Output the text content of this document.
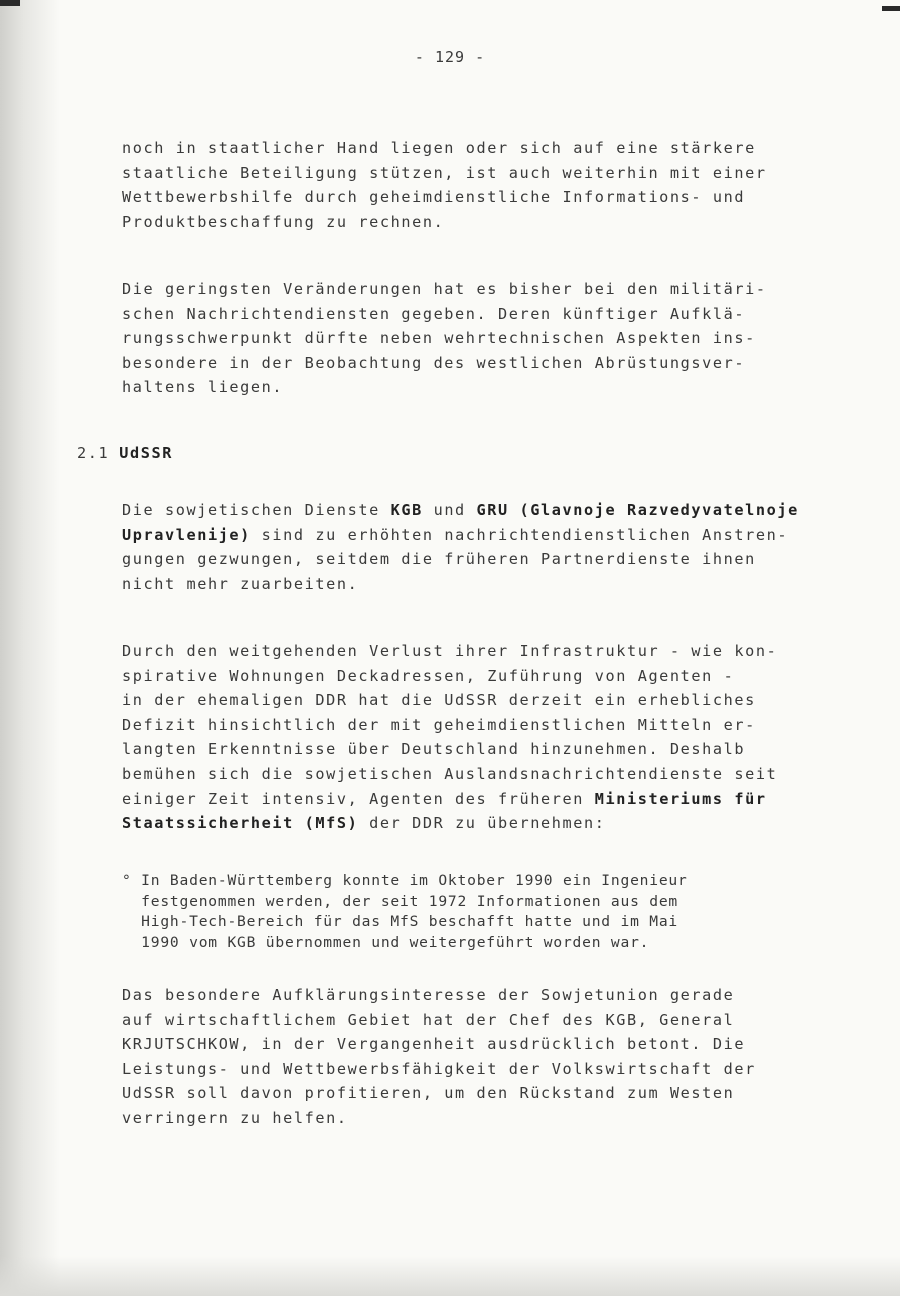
- 129 -
noch in staatlicher Hand liegen oder sich auf eine stärkere
staatliche Beteiligung stützen, ist auch weiterhin mit einer
Wettbewerbshilfe durch geheimdienstliche Informations- und
Produktbeschaffung zu rechnen.
Die geringsten Veränderungen hat es bisher bei den militäri-
schen Nachrichtendiensten gegeben. Deren künftiger Aufklä-
rungsschwerpunkt dürfte neben wehrtechnischen Aspekten ins-
besondere in der Beobachtung des westlichen Abrüstungsver-
haltens liegen.
2.1 UdSSR
Die sowjetischen Dienste KGB und GRU (Glavnoje Razvedyvatelnoje
Upravlenije) sind zu erhöhten nachrichtendienstlichen Anstren-
gungen gezwungen, seitdem die früheren Partnerdienste ihnen
nicht mehr zuarbeiten.
Durch den weitgehenden Verlust ihrer Infrastruktur - wie kon-
spirative Wohnungen Deckadressen, Zuführung von Agenten -
in der ehemaligen DDR hat die UdSSR derzeit ein erhebliches
Defizit hinsichtlich der mit geheimdienstlichen Mitteln er-
langten Erkenntnisse über Deutschland hinzunehmen. Deshalb
bemühen sich die sowjetischen Auslandsnachrichtendienste seit
einiger Zeit intensiv, Agenten des früheren Ministeriums für
Staatssicherheit (MfS) der DDR zu übernehmen:
° In Baden-Württemberg konnte im Oktober 1990 ein Ingenieur
festgenommen werden, der seit 1972 Informationen aus dem
High-Tech-Bereich für das MfS beschafft hatte und im Mai
1990 vom KGB übernommen und weitergeführt worden war.
Das besondere Aufklärungsinteresse der Sowjetunion gerade
auf wirtschaftlichem Gebiet hat der Chef des KGB, General
KRJUTSCHKOW, in der Vergangenheit ausdrücklich betont. Die
Leistungs- und Wettbewerbsfähigkeit der Volkswirtschaft der
UdSSR soll davon profitieren, um den Rückstand zum Westen
verringern zu helfen.
